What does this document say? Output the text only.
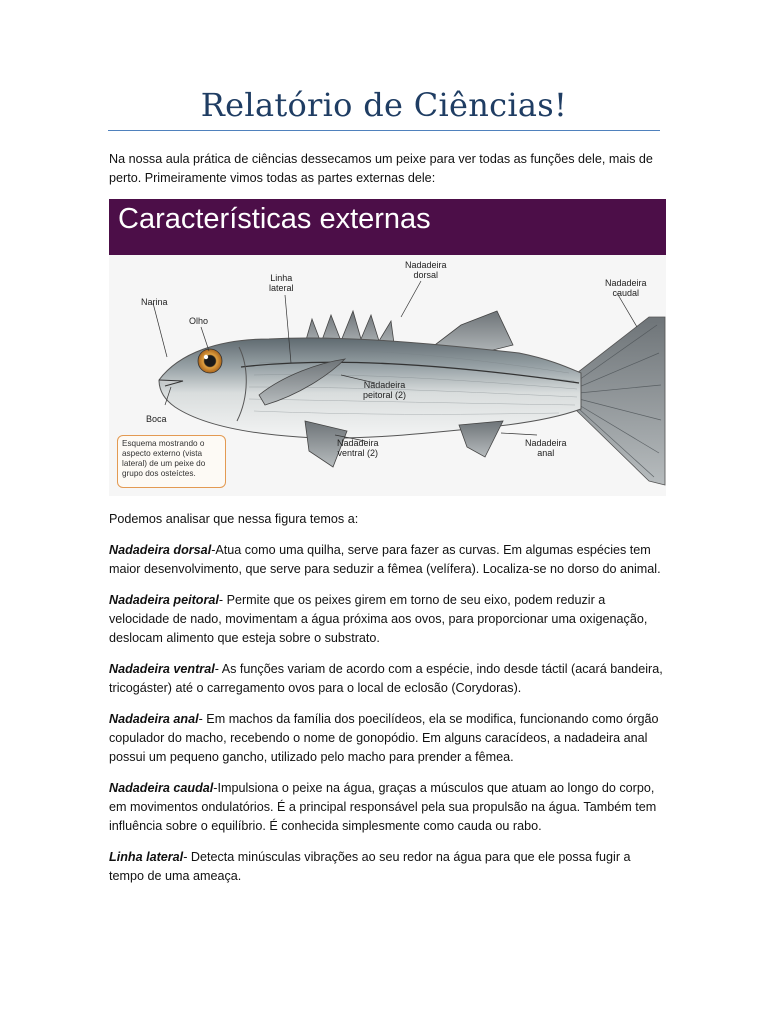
Relatório de Ciências!

Na nossa aula prática de ciências dessecamos um peixe para ver todas as funções dele, mais de perto. Primeiramente vimos todas as partes externas dele:

Características externas
Narina
Olho
Linha
lateral
Nadadeira
dorsal
Nadadeira
caudal
Nadadeira
peitoral (2)
Boca
Nadadeira
ventral (2)
Nadadeira
anal
Esquema mostrando o aspecto externo (vista lateral) de um peixe do grupo dos osteíctes.

Podemos analisar que nessa figura temos a:

Nadadeira dorsal-Atua como uma quilha, serve para fazer as curvas. Em algumas espécies tem maior desenvolvimento, que serve para seduzir a fêmea (velífera). Localiza-se no dorso do animal.

Nadadeira peitoral- Permite que os peixes girem em torno de seu eixo, podem reduzir a velocidade de nado, movimentam a água próxima aos ovos, para proporcionar uma oxigenação, deslocam alimento que esteja sobre o substrato.

Nadadeira ventral- As funções variam de acordo com a espécie, indo desde táctil (acará bandeira, tricogáster) até o carregamento ovos para o local de eclosão (Corydoras).

Nadadeira anal- Em machos da família dos poecilídeos, ela se modifica, funcionando como órgão copulador do macho, recebendo o nome de gonopódio. Em alguns caracídeos, a nadadeira anal possui um pequeno gancho, utilizado pelo macho para prender a fêmea.

Nadadeira caudal-Impulsiona o peixe na água, graças a músculos que atuam ao longo do corpo, em movimentos ondulatórios. É a principal responsável pela sua propulsão na água. Também tem influência sobre o equilíbrio. É conhecida simplesmente como cauda ou rabo.

Linha lateral- Detecta minúsculas vibrações ao seu redor na água para que ele possa fugir a tempo de uma ameaça.
